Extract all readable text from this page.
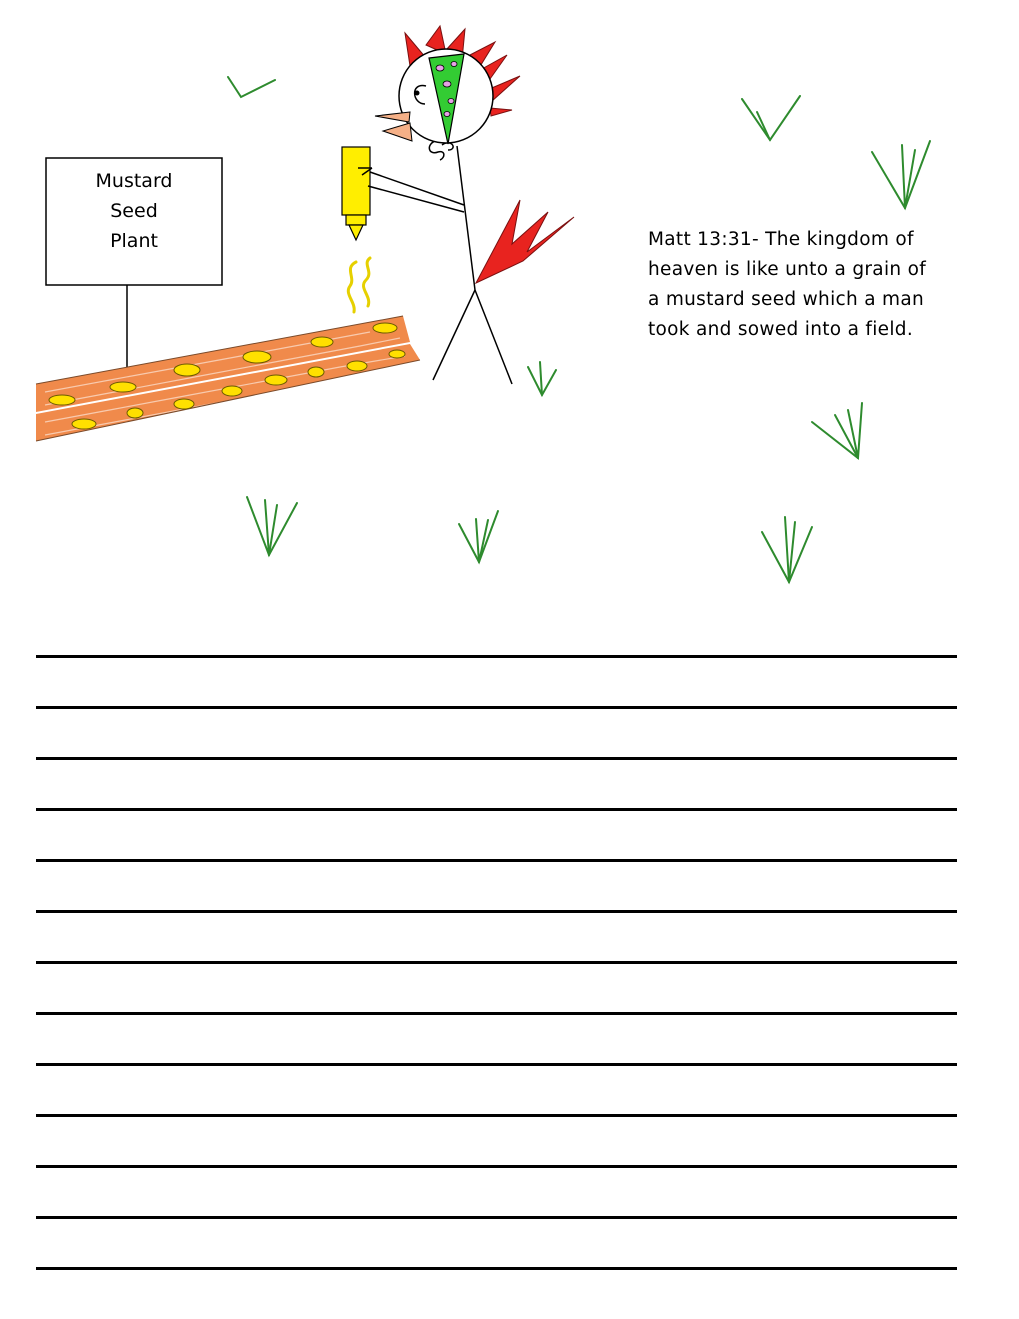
Mustard
Seed
Plant	Matt 13:31- The kingdom of
heaven is like unto a grain of
a mustard seed which a man
took and sowed into a field.
